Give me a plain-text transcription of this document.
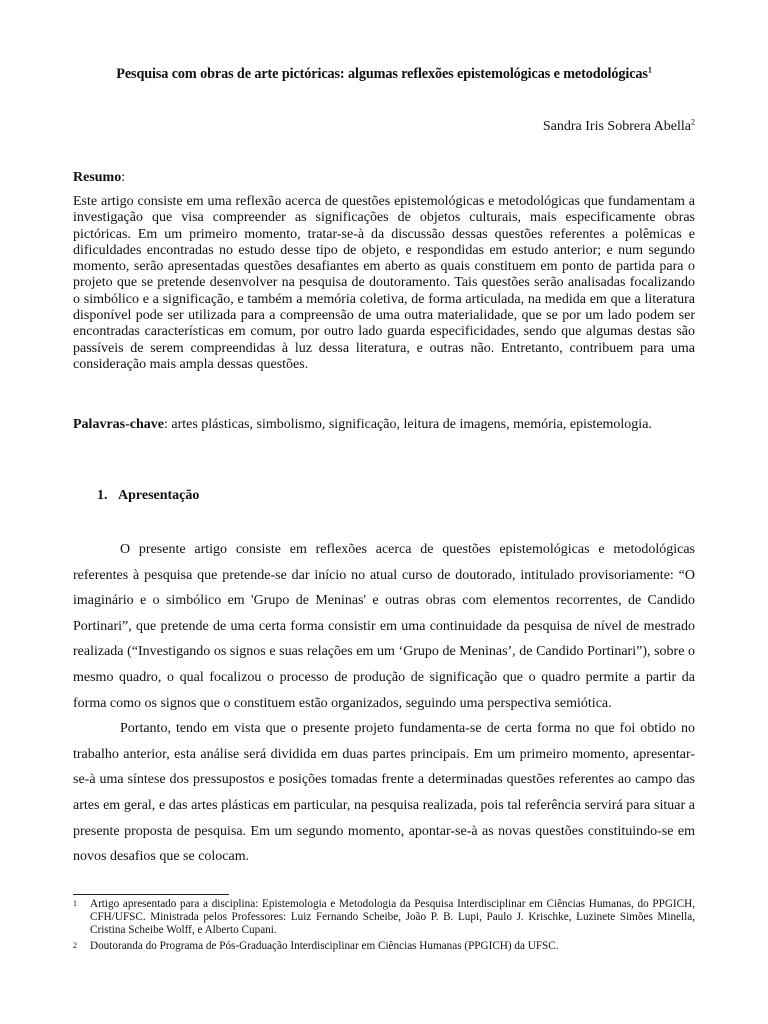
Pesquisa com obras de arte pictóricas: algumas reflexões epistemológicas e metodológicas$^1$
Sandra Iris Sobrera Abella$^2$
Resumo:
Este artigo consiste em uma reflexão acerca de questões epistemológicas e metodológicas que fundamentam a investigação que visa compreender as significações de objetos culturais, mais especificamente obras pictóricas. Em um primeiro momento, tratar-se-à da discussão dessas questões referentes a polêmicas e dificuldades encontradas no estudo desse tipo de objeto, e respondidas em estudo anterior; e num segundo momento, serão apresentadas questões desafiantes em aberto as quais constituem em ponto de partida para o projeto que se pretende desenvolver na pesquisa de doutoramento. Tais questões serão analisadas focalizando o simbólico e a significação, e também a memória coletiva, de forma articulada, na medida em que a literatura disponível pode ser utilizada para a compreensão de uma outra materialidade, que se por um lado podem ser encontradas características em comum, por outro lado guarda especificidades, sendo que algumas destas são passíveis de serem compreendidas à luz dessa literatura, e outras não. Entretanto, contribuem para uma consideração mais ampla dessas questões.
Palavras-chave: artes plásticas, simbolismo, significação, leitura de imagens, memória, epistemologia.
1. Apresentação

O presente artigo consiste em reflexões acerca de questões epistemológicas e metodológicas referentes à pesquisa que pretende-se dar início no atual curso de doutorado, intitulado provisoriamente: “O imaginário e o simbólico em 'Grupo de Meninas' e outras obras com elementos recorrentes, de Candido Portinari”, que pretende de uma certa forma consistir em uma continuidade da pesquisa de nível de mestrado realizada (“Investigando os signos e suas relações em um ‘Grupo de Meninas’, de Candido Portinari”), sobre o mesmo quadro, o qual focalizou o processo de produção de significação que o quadro permite a partir da forma como os signos que o constituem estão organizados, seguindo uma perspectiva semiótica.

Portanto, tendo em vista que o presente projeto fundamenta-se de certa forma no que foi obtido no trabalho anterior, esta análise será dividida em duas partes principais. Em um primeiro momento, apresentar-se-à uma síntese dos pressupostos e posições tomadas frente a determinadas questões referentes ao campo das artes em geral, e das artes plásticas em particular, na pesquisa realizada, pois tal referência servirá para situar a presente proposta de pesquisa. Em um segundo momento, apontar-se-à as novas questões constituindo-se em novos desafios que se colocam.

1	Artigo apresentado para a disciplina: Epistemologia e Metodologia da Pesquisa Interdisciplinar em Ciências Humanas, do PPGICH, CFH/UFSC. Ministrada pelos Professores: Luiz Fernando Scheibe, João P. B. Lupi, Paulo J. Krischke, Luzinete Simões Minella, Cristina Scheibe Wolff, e Alberto Cupani.
2	Doutoranda do Programa de Pós-Graduação Interdisciplinar em Ciências Humanas (PPGICH) da UFSC.
